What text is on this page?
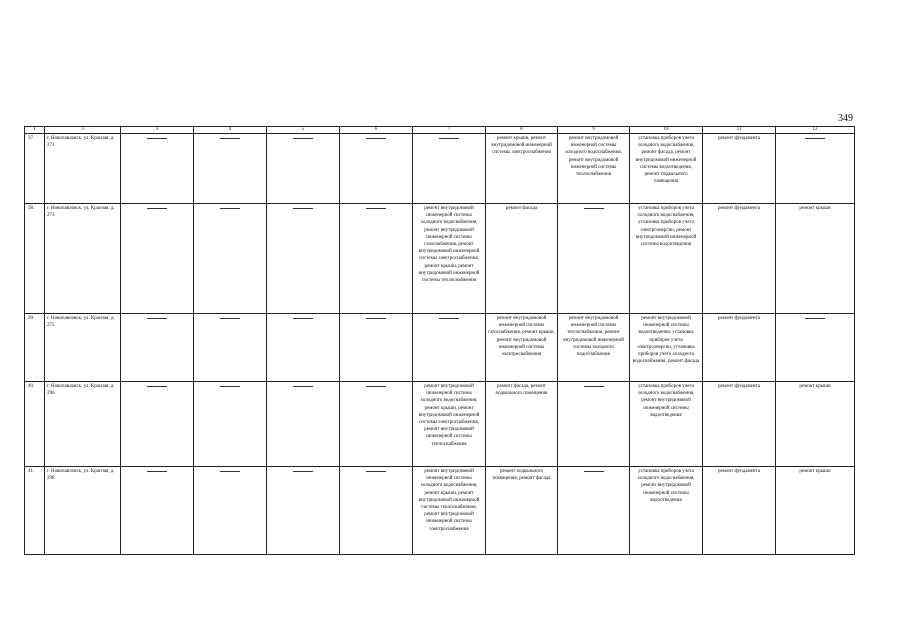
349
1	3	3	4	5	6	7	8	9	10	11	12
37.	г. Новопавловск, ул. Красная, д. 271						ремонт крыши, ремонт внутридомовой инженерной системы электроснабжения	ремонт внутридомовой инженерной системы холодного водоснабжения, ремонт внутридомовой инженерной системы теплоснабжения	установка приборов учета холодного водоснабжения, ремонт фасада, ремонт внутридомовой инженерной системы водоотведения, ремонт подвального помещения	ремонт фундамента	
38.	г. Новопавловск, ул. Красная, д. 273					ремонт внутридомовой инженерной системы холодного водоснабжения, ремонт внутридомовой инженерной системы газоснабжения, ремонт внутридомовой инженерной системы электроснабжения, ремонт крыши, ремонт внутридомовой инженерной системы теплоснабжения	ремонт фасада		установка приборов учета холодного водоснабжения, установка приборов учета электроэнергии, ремонт внутридомовой инженерной системы водоотведения	ремонт фундамента	ремонт крыши
39.	г. Новопавловск, ул. Красная, д. 275						ремонт внутридомовой инженерной системы газоснабжения, ремонт крыши, ремонт внутридомовой инженерной системы электроснабжения	ремонт внутридомовой инженерной системы теплоснабжения, ремонт внутридомовой инженерной системы холодного водоснабжения	ремонт внутридомовой инженерной системы водоотведения, установка приборов учета электроэнергии, установка приборов учета холодного водоснабжения, ремонт фасада	ремонт фундамента	
40.	г. Новопавловск, ул. Красная, д. 296					ремонт внутридомовой инженерной системы холодного водоснабжения, ремонт крыши, ремонт внутридомовой инженерной системы электроснабжения, ремонт внутридомовой инженерной системы теплоснабжения	ремонт фасада, ремонт подвального помещения		установка приборов учета холодного водоснабжения, ремонт внутридомовой инженерной системы водоотведения	ремонт фундамента	ремонт крыши
41.	г. Новопавловск, ул. Красная, д. 298					ремонт внутридомовой инженерной системы холодного водоснабжения, ремонт крыши, ремонт внутридомовой инженерной системы теплоснабжения, ремонт внутридомовой инженерной системы электроснабжения	ремонт подвального помещения, ремонт фасада		установка приборов учета холодного водоснабжения, ремонт внутридомовой инженерной системы водоотведения	ремонт фундамента	ремонт крыши
